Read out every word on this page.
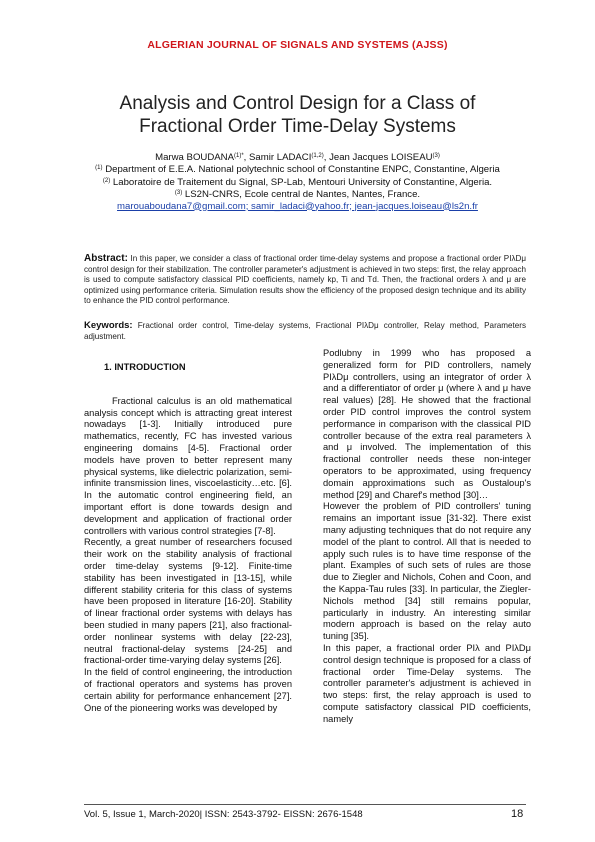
ALGERIAN JOURNAL OF SIGNALS AND SYSTEMS (AJSS)
Analysis and Control Design for a Class of
Fractional Order Time-Delay Systems
Marwa $BOUDANA^{(1)*}$, Samir LADACI$^{(1,2)}$, Jean Jacques LOISEAU$^{(3)}$
$^{(1)}$ Department of E.E.A. National polytechnic school of Constantine ENPC, Constantine, Algeria
$^{(2)}$ Laboratoire de Traitement du Signal, SP-Lab, Mentouri University of Constantine, Algeria.
$^{(3)}$ LS2N-CNRS, Ecole central de Nantes, Nantes, France.
marouaboudana7@gmail.com; samir_ladaci@yahoo.fr; jean-jacques.loiseau@ls2n.fr
Abstract: In this paper, we consider a class of fractional order time-delay systems and propose a fractional order PIλDμ control design for their stabilization. The controller parameter's adjustment is achieved in two steps: first, the relay approach is used to compute satisfactory classical PID coefficients, namely kp, Ti and Td. Then, the fractional orders λ and μ are optimized using performance criteria. Simulation results show the efficiency of the proposed design technique and its ability to enhance the PID control performance.
Keywords: Fractional order control, Time-delay systems, Fractional PIλDμ controller, Relay method, Parameters adjustment.

1. INTRODUCTION

Fractional calculus is an old mathematical analysis concept which is attracting great interest nowadays [1-3]. Initially introduced pure mathematics, recently, FC has invested various engineering domains [4-5]. Fractional order models have proven to better represent many physical systems, like dielectric polarization, semi-infinite transmission lines, viscoelasticity…etc. [6]. In the automatic control engineering field, an important effort is done towards design and development and application of fractional order controllers with various control strategies [7-8].

Recently, a great number of researchers focused their work on the stability analysis of fractional order time-delay systems [9-12]. Finite-time stability has been investigated in [13-15], while different stability criteria for this class of systems have been proposed in literature [16-20]. Stability of linear fractional order systems with delays has been studied in many papers [21], also fractional-order nonlinear systems with delay [22-23], neutral fractional-delay systems [24-25] and fractional-order time-varying delay systems [26].

In the field of control engineering, the introduction of fractional operators and systems has proven certain ability for performance enhancement [27]. One of the pioneering works was developed by

Podlubny in 1999 who has proposed a generalized form for PID controllers, namely PIλDμ controllers, using an integrator of order λ and a differentiator of order μ (where λ and μ have real values) [28]. He showed that the fractional order PID control improves the control system performance in comparison with the classical PID controller because of the extra real parameters λ and μ involved. The implementation of this fractional controller needs these non-integer operators to be approximated, using frequency domain approximations such as Oustaloup's method [29] and Charef's method [30]…

However the problem of PID controllers' tuning remains an important issue [31-32]. There exist many adjusting techniques that do not require any model of the plant to control. All that is needed to apply such rules is to have time response of the plant. Examples of such sets of rules are those due to Ziegler and Nichols, Cohen and Coon, and the Kappa-Tau rules [33]. In particular, the Ziegler-Nichols method [34] still remains popular, particularly in industry. An interesting similar modern approach is based on the relay auto tuning [35].

In this paper, a fractional order PIλ and PIλDμ control design technique is proposed for a class of fractional order Time-Delay systems. The controller parameter's adjustment is achieved in two steps: first, the relay approach is used to compute satisfactory classical PID coefficients, namely

Vol. 5, Issue 1, March-2020| ISSN: 2543-3792- EISSN: 2676-1548	18
